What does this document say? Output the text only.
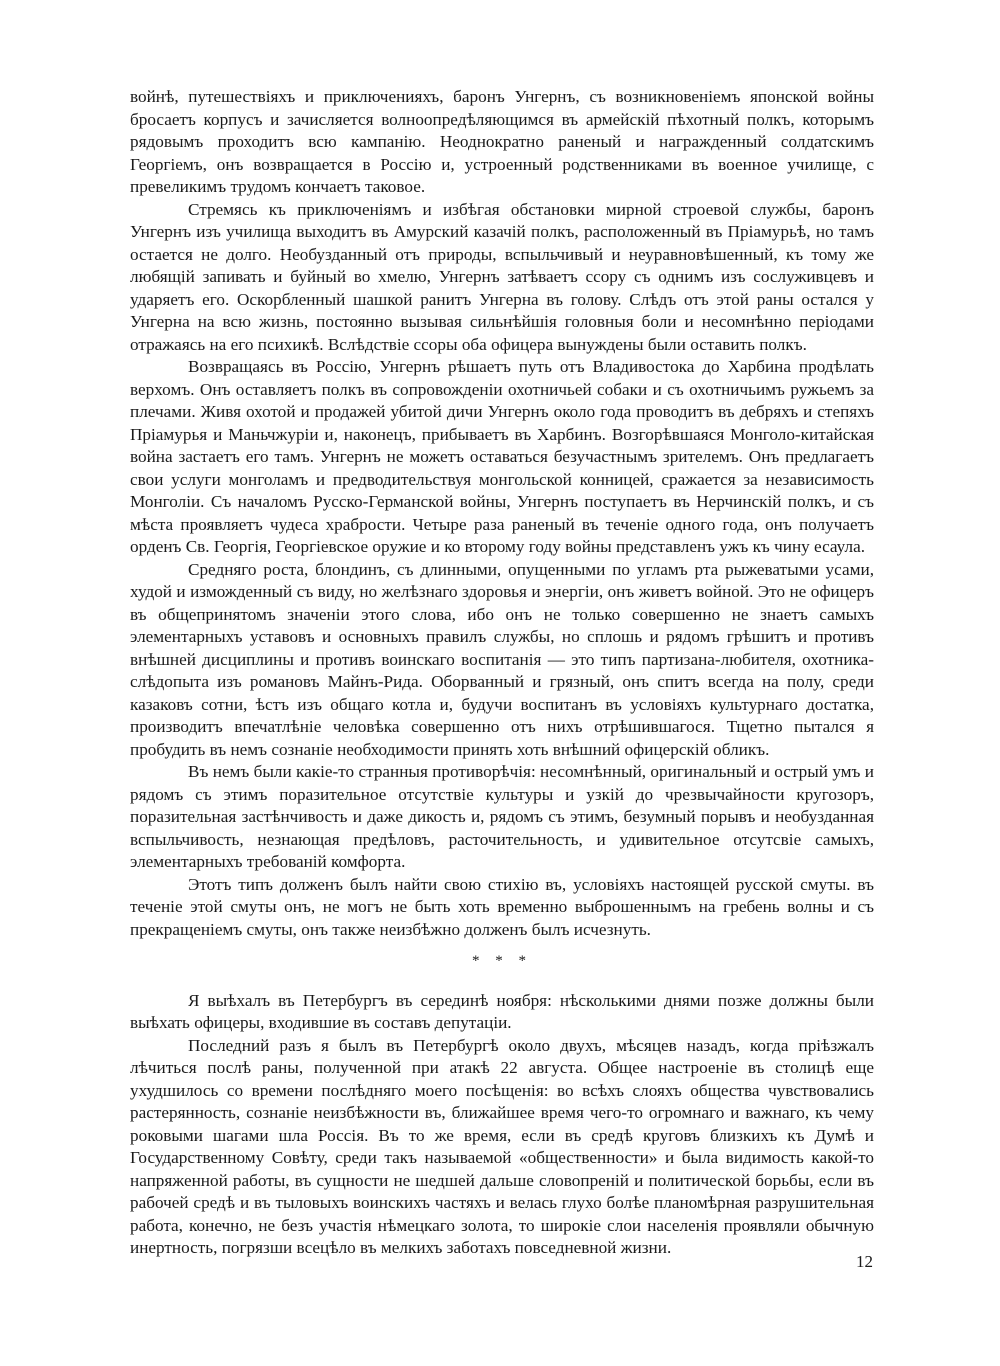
войнѣ, путешествіяхъ и приключенияхъ, баронъ Унгернъ, съ возникновеніемъ японской войны бросаетъ корпусъ и зачисляется волноопредѣляющимся въ армейскій пѣхотный полкъ, которымъ рядовымъ проходитъ всю кампанію. Неоднократно раненый и награжденный солдатскимъ Георгіемъ, онъ возвращается в Россію и, устроенный родственниками въ военное училище, с превеликимъ трудомъ кончаетъ таковое.

Стремясь къ приключеніямъ и избѣгая обстановки мирной строевой службы, баронъ Унгернъ изъ училища выходитъ въ Амурский казачій полкъ, расположенный въ Пріамурьѣ, но тамъ остается не долго. Необузданный отъ природы, вспыльчивый и неуравновѣшенный, къ тому же любящій запивать и буйный во хмелю, Унгернъ затѣваетъ ссору съ однимъ изъ сослуживцевъ и ударяетъ его. Оскорбленный шашкой ранитъ Унгерна въ голову. Слѣдъ отъ этой раны остался у Унгерна на всю жизнь, постоянно вызывая сильнѣйшія головныя боли и несомнѣнно періодами отражаясь на его психикѣ. Вслѣдствіе ссоры оба офицера вынуждены были оставить полкъ.

Возвращаясь въ Россію, Унгернъ рѣшаетъ путь отъ Владивостока до Харбина продѣлать верхомъ. Онъ оставляетъ полкъ въ сопровожденіи охотничьей собаки и съ охотничьимъ ружьемъ за плечами. Живя охотой и продажей убитой дичи Унгернъ около года проводитъ въ дебряхъ и степяхъ Пріамурья и Маньчжуріи и, наконецъ, прибываетъ въ Харбинъ. Возгорѣвшаяся Монголо-китайская война застаетъ его тамъ. Унгернъ не можетъ оставаться безучастнымъ зрителемъ. Онъ предлагаетъ свои услуги монголамъ и предводительствуя монгольской конницей, сражается за независимость Монголіи. Съ началомъ Русско-Германской войны, Унгернъ поступаетъ въ Нерчинскій полкъ, и съ мѣста проявляетъ чудеса храбрости. Четыре раза раненый въ теченіе одного года, онъ получаетъ орденъ Св. Георгія, Георгіевское оружие и ко второму году войны представленъ ужъ къ чину есаула.

Средняго роста, блондинъ, съ длинными, опущенными по угламъ рта рыжеватыми усами, худой и изможденный съ виду, но желѣзнаго здоровья и энергіи, онъ живетъ войной. Это не офицеръ въ общепринятомъ значеніи этого слова, ибо онъ не только совершенно не знаетъ самыхъ элементарныхъ уставовъ и основныхъ правилъ службы, но сплошь и рядомъ грѣшитъ и противъ внѣшней дисциплины и противъ воинскаго воспитанія — это типъ партизана-любителя, охотника-слѣдопыта изъ романовъ Майнъ-Рида. Оборванный и грязный, онъ спитъ всегда на полу, среди казаковъ сотни, ѣстъ изъ общаго котла и, будучи воспитанъ въ условіяхъ культурнаго достатка, производитъ впечатлѣніе человѣка совершенно отъ нихъ отрѣшившагося. Тщетно пытался я пробудить въ немъ сознаніе необходимости принять хоть внѣшний офицерскій обликъ.

Въ немъ были какіе-то странныя противорѣчія: несомнѣнный, оригинальный и острый умъ и рядомъ съ этимъ поразительное отсутствіе культуры и узкій до чрезвычайности кругозоръ, поразительная застѣнчивость и даже дикость и, рядомъ съ этимъ, безумный порывъ и необузданная вспыльчивость, незнающая предѣловъ, расточительность, и удивительное отсутсвіе самыхъ, элементарныхъ требованій комфорта.

Этотъ типъ долженъ былъ найти свою стихію въ, условіяхъ настоящей русской смуты. въ теченіе этой смуты онъ, не могъ не быть хоть временно выброшеннымъ на гребень волны и съ прекращеніемъ смуты, онъ также неизбѣжно долженъ былъ исчезнуть.

* * *

Я выѣхалъ въ Петербургъ въ серединѣ ноября: нѣсколькими днями позже должны были выѣхать офицеры, входившие въ составъ депутаціи.

Последний разъ я былъ въ Петербургѣ около двухъ, мѣсяцев назадъ, когда пріѣзжалъ лѣчиться послѣ раны, полученной при атакѣ 22 августа. Общее настроеніе въ столицѣ еще ухудшилось со времени послѣдняго моего посѣщенія: во всѣхъ слояхъ общества чувствовались растерянность, сознаніе неизбѣжности въ, ближайшее время чего-то огромнаго и важнаго, къ чему роковыми шагами шла Россія. Въ то же время, если въ средѣ круговъ близкихъ къ Думѣ и Государственному Совѣту, среди такъ называемой «общественности» и была видимость какой-то напряженной работы, въ сущности не шедшей дальше словопреній и политической борьбы, если въ рабочей средѣ и въ тыловыхъ воинскихъ частяхъ и велась глухо болѣе планомѣрная разрушительная работа, конечно, не безъ участія нѣмецкаго золота, то широкіе слои населенія проявляли обычную инертность, погрязши всецѣло въ мелкихъ заботахъ повседневной жизни.

12
